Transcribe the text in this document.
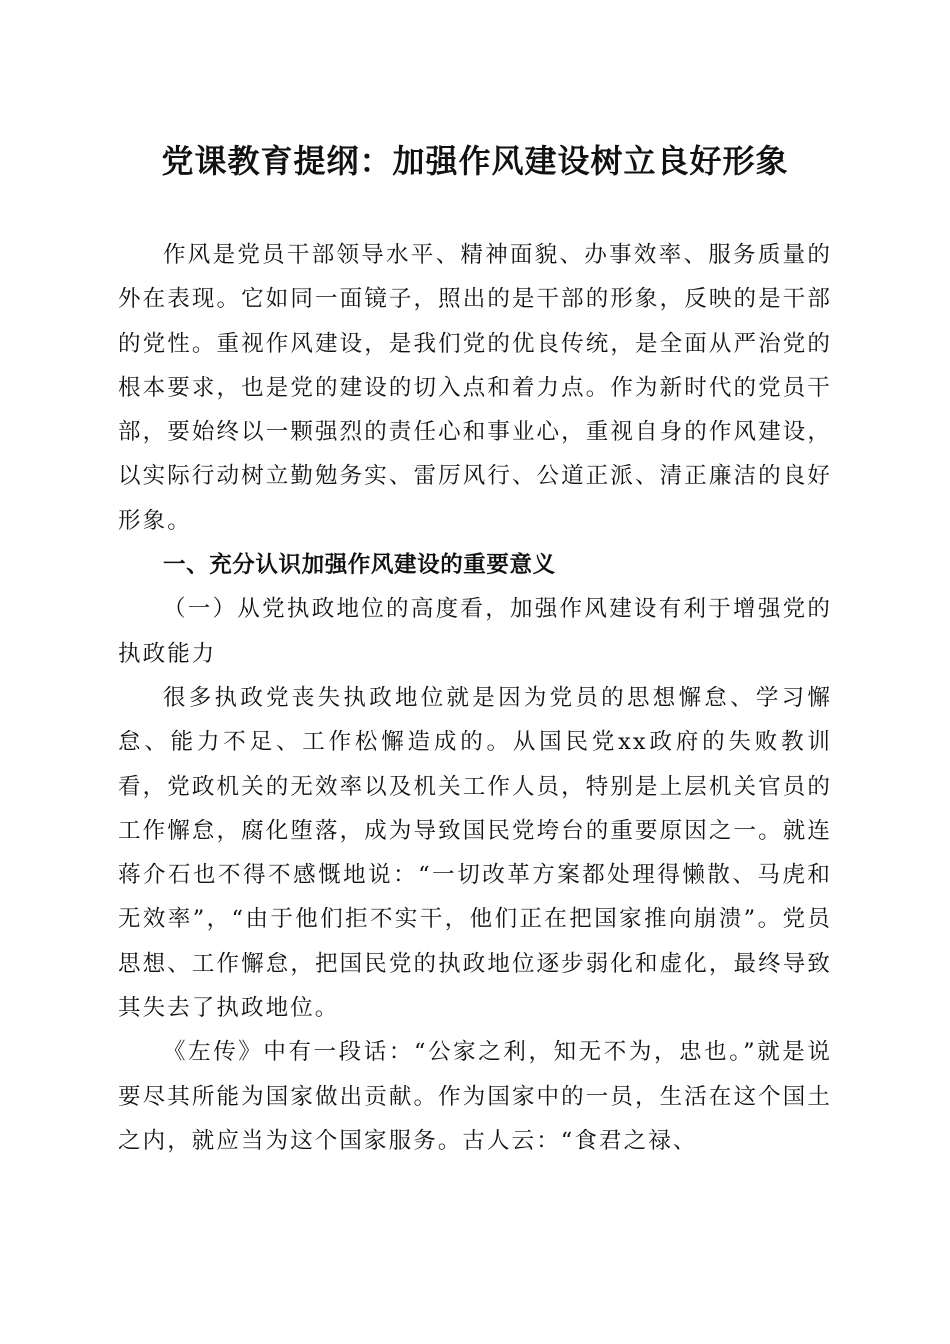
党课教育提纲：加强作风建设树立良好形象

作风是党员干部领导水平、精神面貌、办事效率、服务质量的外在表现。它如同一面镜子，照出的是干部的形象，反映的是干部的党性。重视作风建设，是我们党的优良传统，是全面从严治党的根本要求，也是党的建设的切入点和着力点。作为新时代的党员干部，要始终以一颗强烈的责任心和事业心，重视自身的作风建设，以实际行动树立勤勉务实、雷厉风行、公道正派、清正廉洁的良好形象。

一、充分认识加强作风建设的重要意义

（一）从党执政地位的高度看，加强作风建设有利于增强党的执政能力

很多执政党丧失执政地位就是因为党员的思想懈怠、学习懈怠、能力不足、工作松懈造成的。从国民党xx政府的失败教训看，党政机关的无效率以及机关工作人员，特别是上层机关官员的工作懈怠，腐化堕落，成为导致国民党垮台的重要原因之一。就连蒋介石也不得不感慨地说：“一切改革方案都处理得懒散、马虎和无效率”，“由于他们拒不实干，他们正在把国家推向崩溃”。党员思想、工作懈怠，把国民党的执政地位逐步弱化和虚化，最终导致其失去了执政地位。

《左传》中有一段话：“公家之利，知无不为，忠也。”就是说要尽其所能为国家做出贡献。作为国家中的一员，生活在这个国土之内，就应当为这个国家服务。古人云：“食君之禄、
